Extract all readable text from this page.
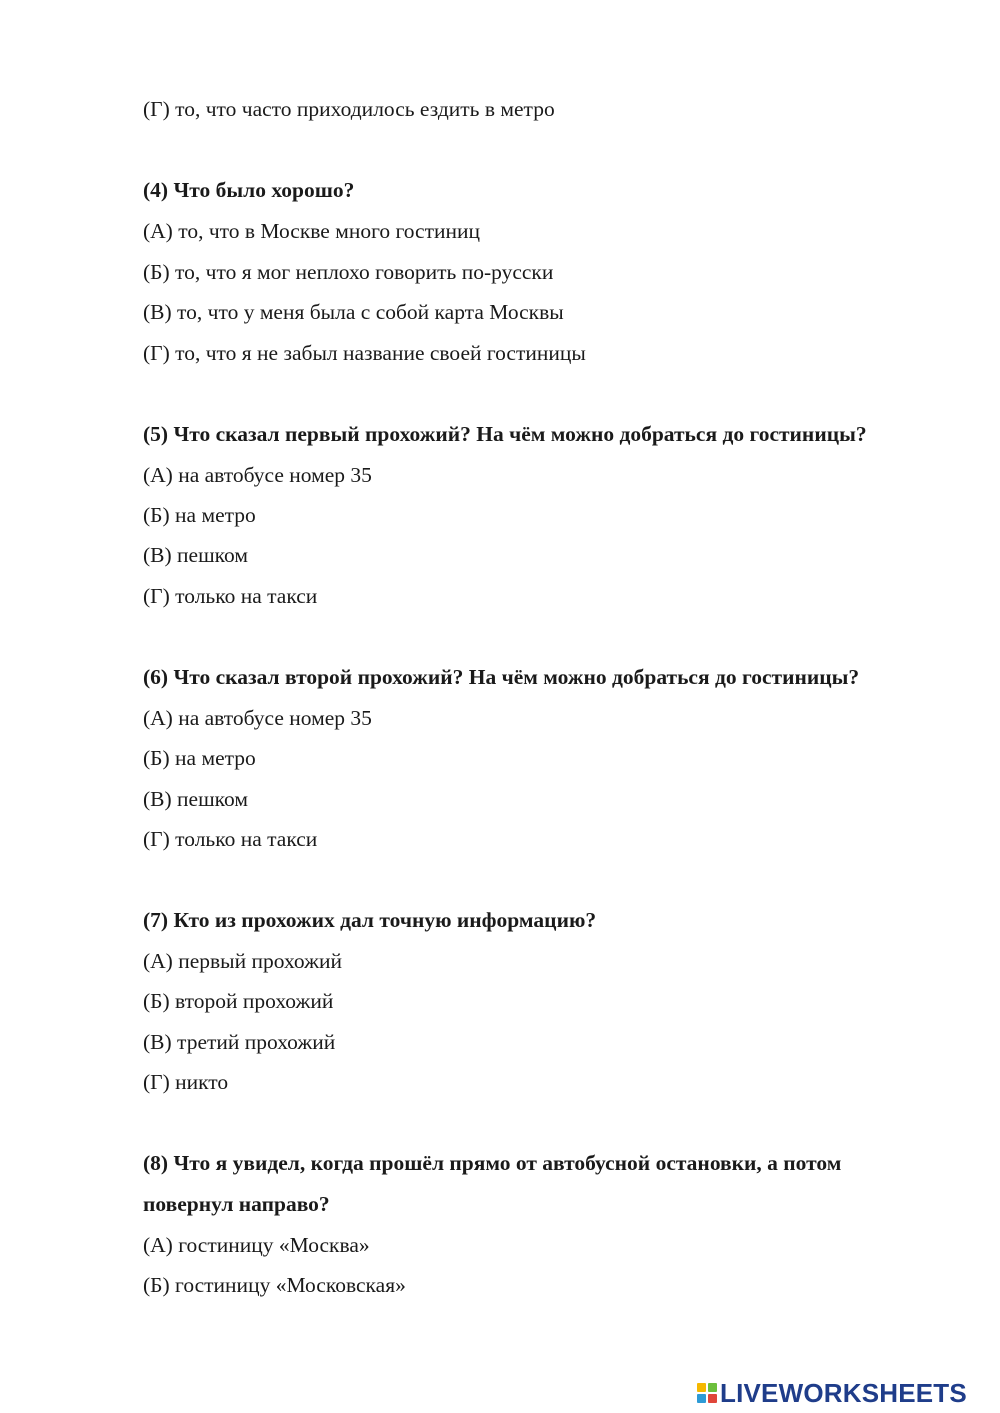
(Г) то, что часто приходилось ездить в метро
(4) Что было хорошо?
(А) то, что в Москве много гостиниц
(Б) то, что я мог неплохо говорить по-русски
(В) то, что у меня была с собой карта Москвы
(Г) то, что я не забыл название своей гостиницы
(5) Что сказал первый прохожий? На чём можно добраться до гостиницы?
(А) на автобусе номер 35
(Б) на метро
(В) пешком
(Г) только на такси
(6) Что сказал второй прохожий? На чём можно добраться до гостиницы?
(А) на автобусе номер 35
(Б) на метро
(В) пешком
(Г) только на такси
(7) Кто из прохожих дал точную информацию?
(А) первый прохожий
(Б) второй прохожий
(В) третий прохожий
(Г) никто
(8) Что я увидел, когда прошёл прямо от автобусной остановки, а потом
повернул направо?
(А) гостиницу «Москва»
(Б) гостиницу «Московская»
LIVEWORKSHEETS
